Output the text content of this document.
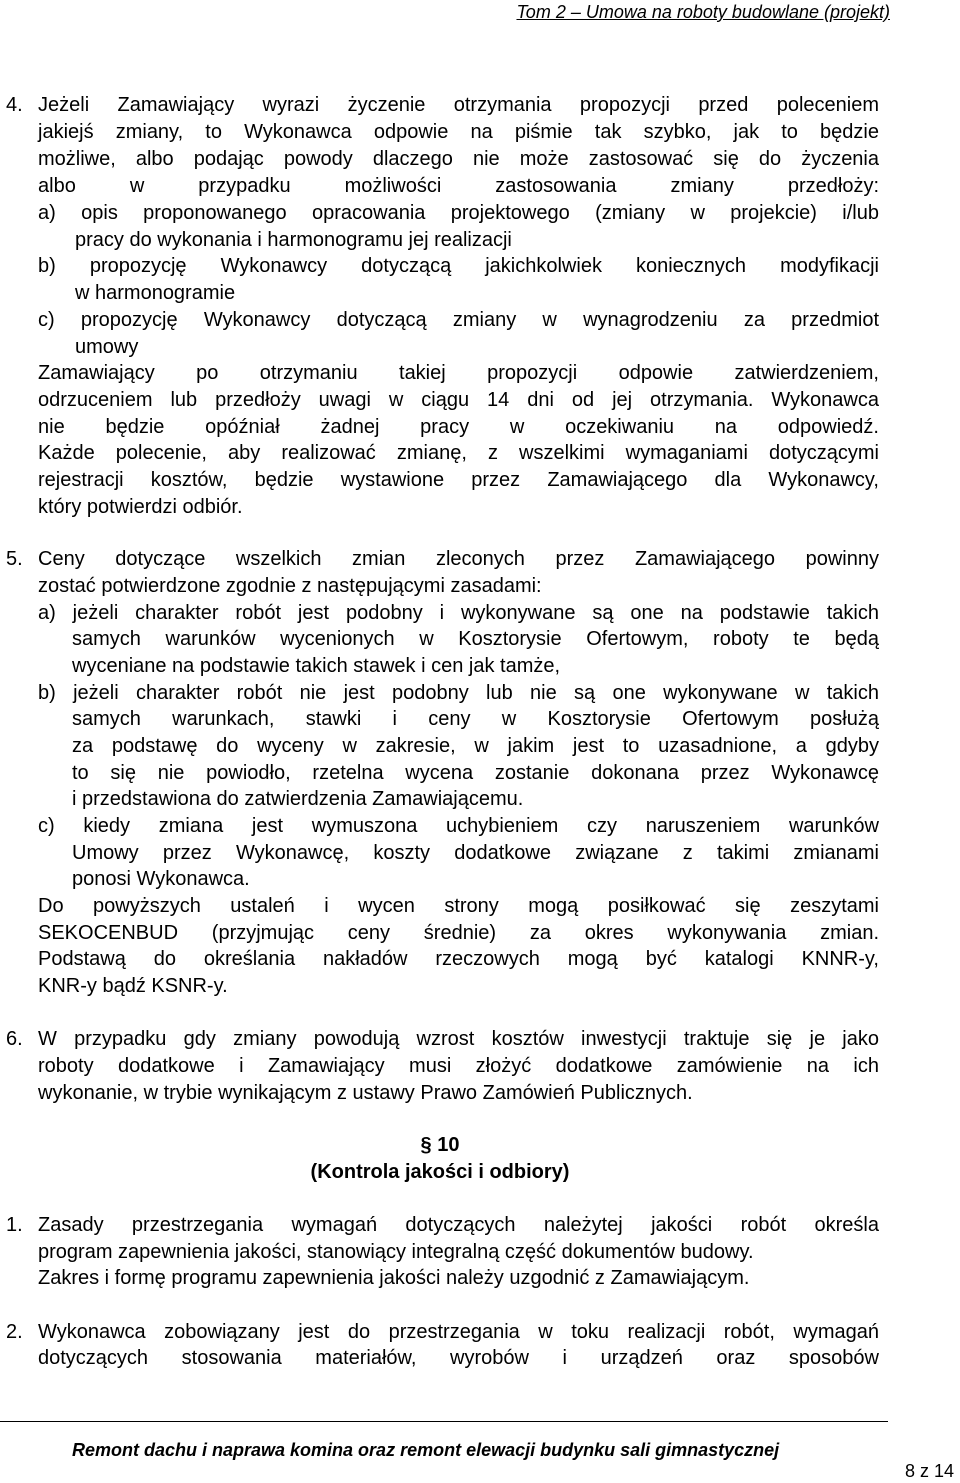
Tom 2 – Umowa na roboty budowlane (projekt)
4. Jeżeli Zamawiający wyrazi życzenie otrzymania propozycji przed poleceniem
jakiejś zmiany, to Wykonawca odpowie na piśmie tak szybko, jak to będzie
możliwe, albo podając powody dlaczego nie może zastosować się do życzenia
albo w przypadku możliwości zastosowania zmiany przedłoży:
a) opis proponowanego opracowania projektowego (zmiany w projekcie) i/lub
pracy do wykonania i harmonogramu jej realizacji
b) propozycję Wykonawcy dotyczącą jakichkolwiek koniecznych modyfikacji
w harmonogramie
c) propozycję Wykonawcy dotyczącą zmiany w wynagrodzeniu za przedmiot
umowy
Zamawiający po otrzymaniu takiej propozycji odpowie zatwierdzeniem,
odrzuceniem lub przedłoży uwagi w ciągu 14 dni od jej otrzymania. Wykonawca
nie będzie opóźniał żadnej pracy w oczekiwaniu na odpowiedź.
Każde polecenie, aby realizować zmianę, z wszelkimi wymaganiami dotyczącymi
rejestracji kosztów, będzie wystawione przez Zamawiającego dla Wykonawcy,
który potwierdzi odbiór.
5. Ceny dotyczące wszelkich zmian zleconych przez Zamawiającego powinny
zostać potwierdzone zgodnie z następującymi zasadami:
a) jeżeli charakter robót jest podobny i wykonywane są one na podstawie takich
samych warunków wycenionych w Kosztorysie Ofertowym, roboty te będą
wyceniane na podstawie takich stawek i cen jak tamże,
b) jeżeli charakter robót nie jest podobny lub nie są one wykonywane w takich
samych warunkach, stawki i ceny w Kosztorysie Ofertowym posłużą
za podstawę do wyceny w zakresie, w jakim jest to uzasadnione, a gdyby
to się nie powiodło, rzetelna wycena zostanie dokonana przez Wykonawcę
i przedstawiona do zatwierdzenia Zamawiającemu.
c) kiedy zmiana jest wymuszona uchybieniem czy naruszeniem warunków
Umowy przez Wykonawcę, koszty dodatkowe związane z takimi zmianami
ponosi Wykonawca.
Do powyższych ustaleń i wycen strony mogą posiłkować się zeszytami
SEKOCENBUD (przyjmując ceny średnie) za okres wykonywania zmian.
Podstawą do określania nakładów rzeczowych mogą być katalogi KNNR-y,
KNR-y bądź KSNR-y.
6. W przypadku gdy zmiany powodują wzrost kosztów inwestycji traktuje się je jako
roboty dodatkowe i Zamawiający musi złożyć dodatkowe zamówienie na ich
wykonanie, w trybie wynikającym z ustawy Prawo Zamówień Publicznych.
§ 10
(Kontrola jakości i odbiory)
1. Zasady przestrzegania wymagań dotyczących należytej jakości robót określa
program zapewnienia jakości, stanowiący integralną część dokumentów budowy.
Zakres i formę programu zapewnienia jakości należy uzgodnić z Zamawiającym.
2. Wykonawca zobowiązany jest do przestrzegania w toku realizacji robót, wymagań
dotyczących stosowania materiałów, wyrobów i urządzeń oraz sposobów
Remont dachu i naprawa komina oraz remont elewacji budynku sali gimnastycznej
8 z 14
